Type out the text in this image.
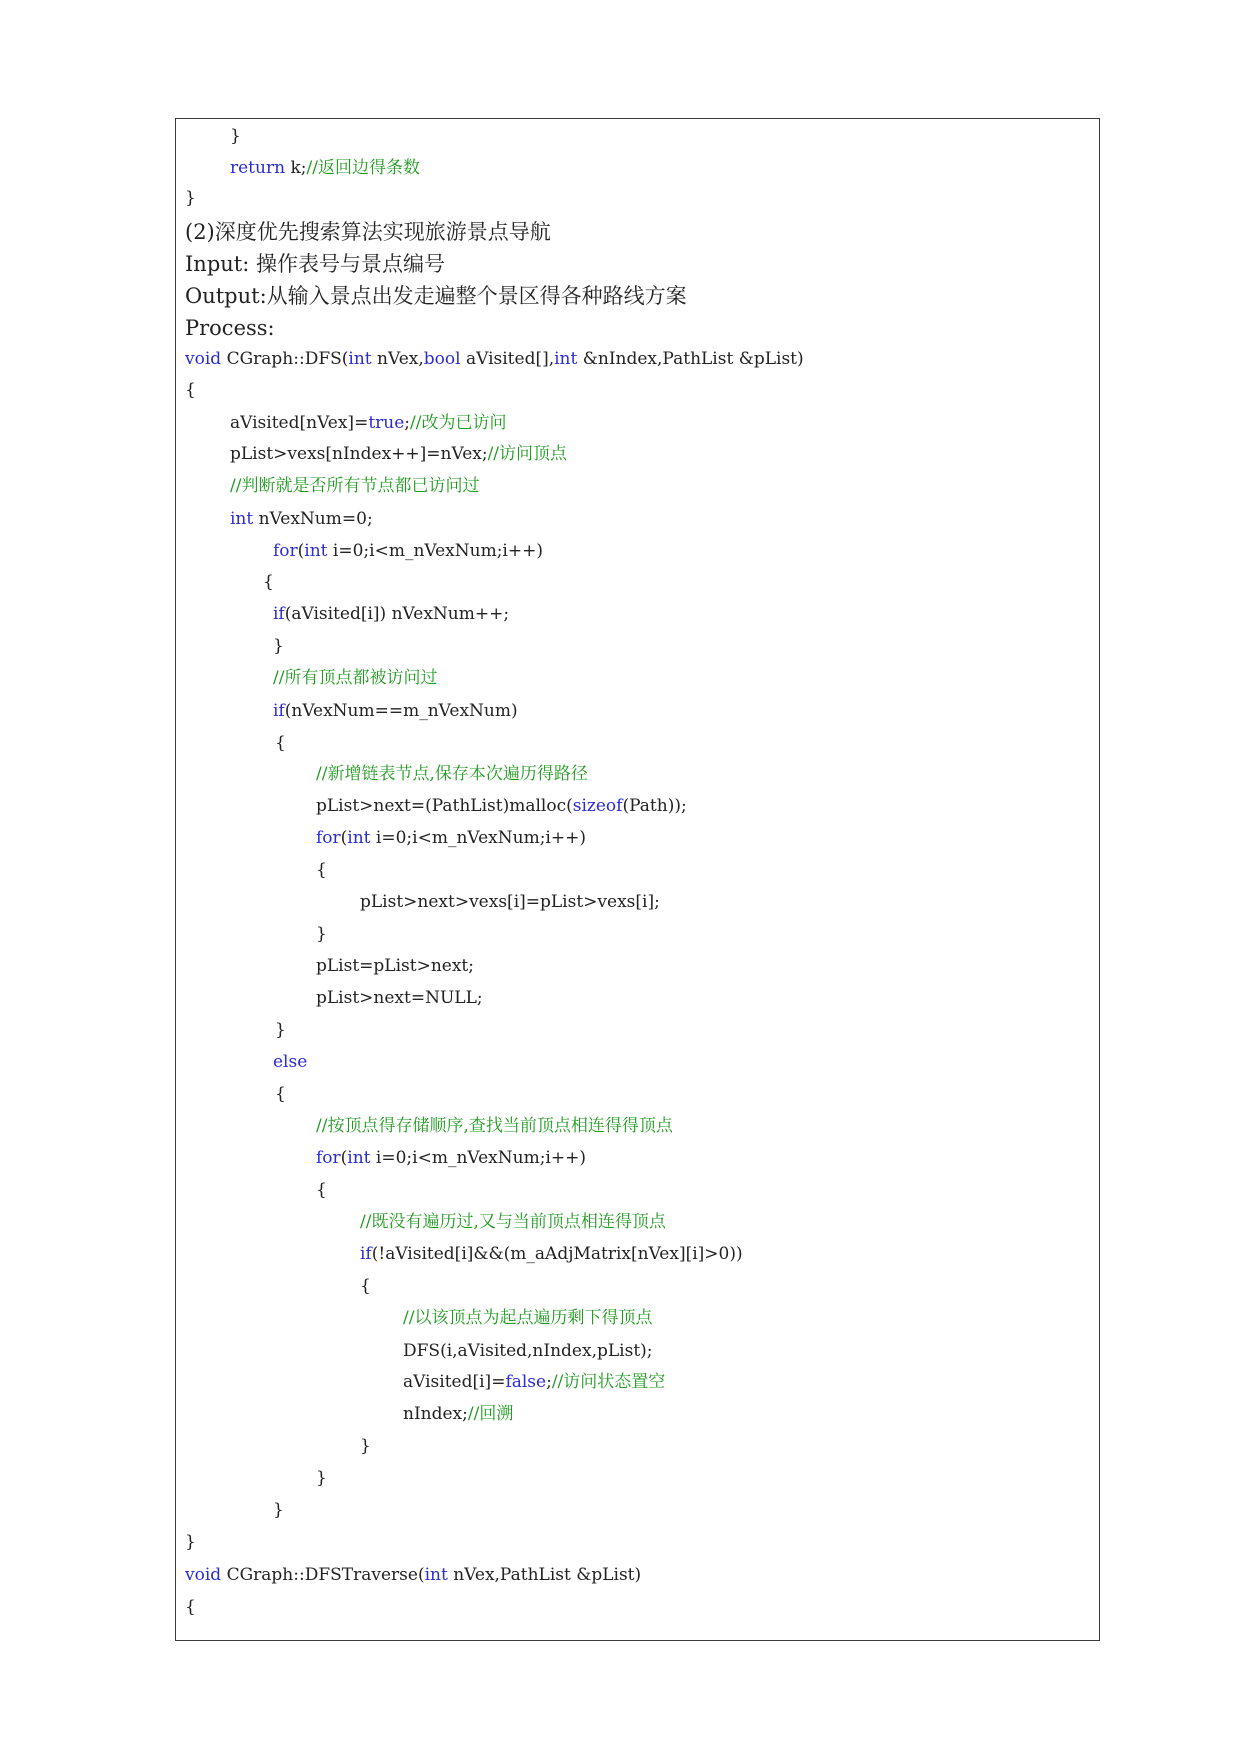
}
return k;//返回边得条数
}
(2)深度优先搜索算法实现旅游景点导航
Input: 操作表号与景点编号
Output:从输入景点出发走遍整个景区得各种路线方案
Process:
void CGraph::DFS(int nVex,bool aVisited[],int &nIndex,PathList &pList)
{
aVisited[nVex]=true;//改为已访问
pList>vexs[nIndex++]=nVex;//访问顶点
//判断就是否所有节点都已访问过
int nVexNum=0;
for(int i=0;i<m_nVexNum;i++)
{
if(aVisited[i]) nVexNum++;
}
//所有顶点都被访问过
if(nVexNum==m_nVexNum)
{
//新增链表节点,保存本次遍历得路径
pList>next=(PathList)malloc(sizeof(Path));
for(int i=0;i<m_nVexNum;i++)
{
pList>next>vexs[i]=pList>vexs[i];
}
pList=pList>next;
pList>next=NULL;
}
else
{
//按顶点得存储顺序,查找当前顶点相连得得顶点
for(int i=0;i<m_nVexNum;i++)
{
//既没有遍历过,又与当前顶点相连得顶点
if(!aVisited[i]&&(m_aAdjMatrix[nVex][i]>0))
{
//以该顶点为起点遍历剩下得顶点
DFS(i,aVisited,nIndex,pList);
aVisited[i]=false;//访问状态置空
nIndex;//回溯
}
}
}
}
void CGraph::DFSTraverse(int nVex,PathList &pList)
{
